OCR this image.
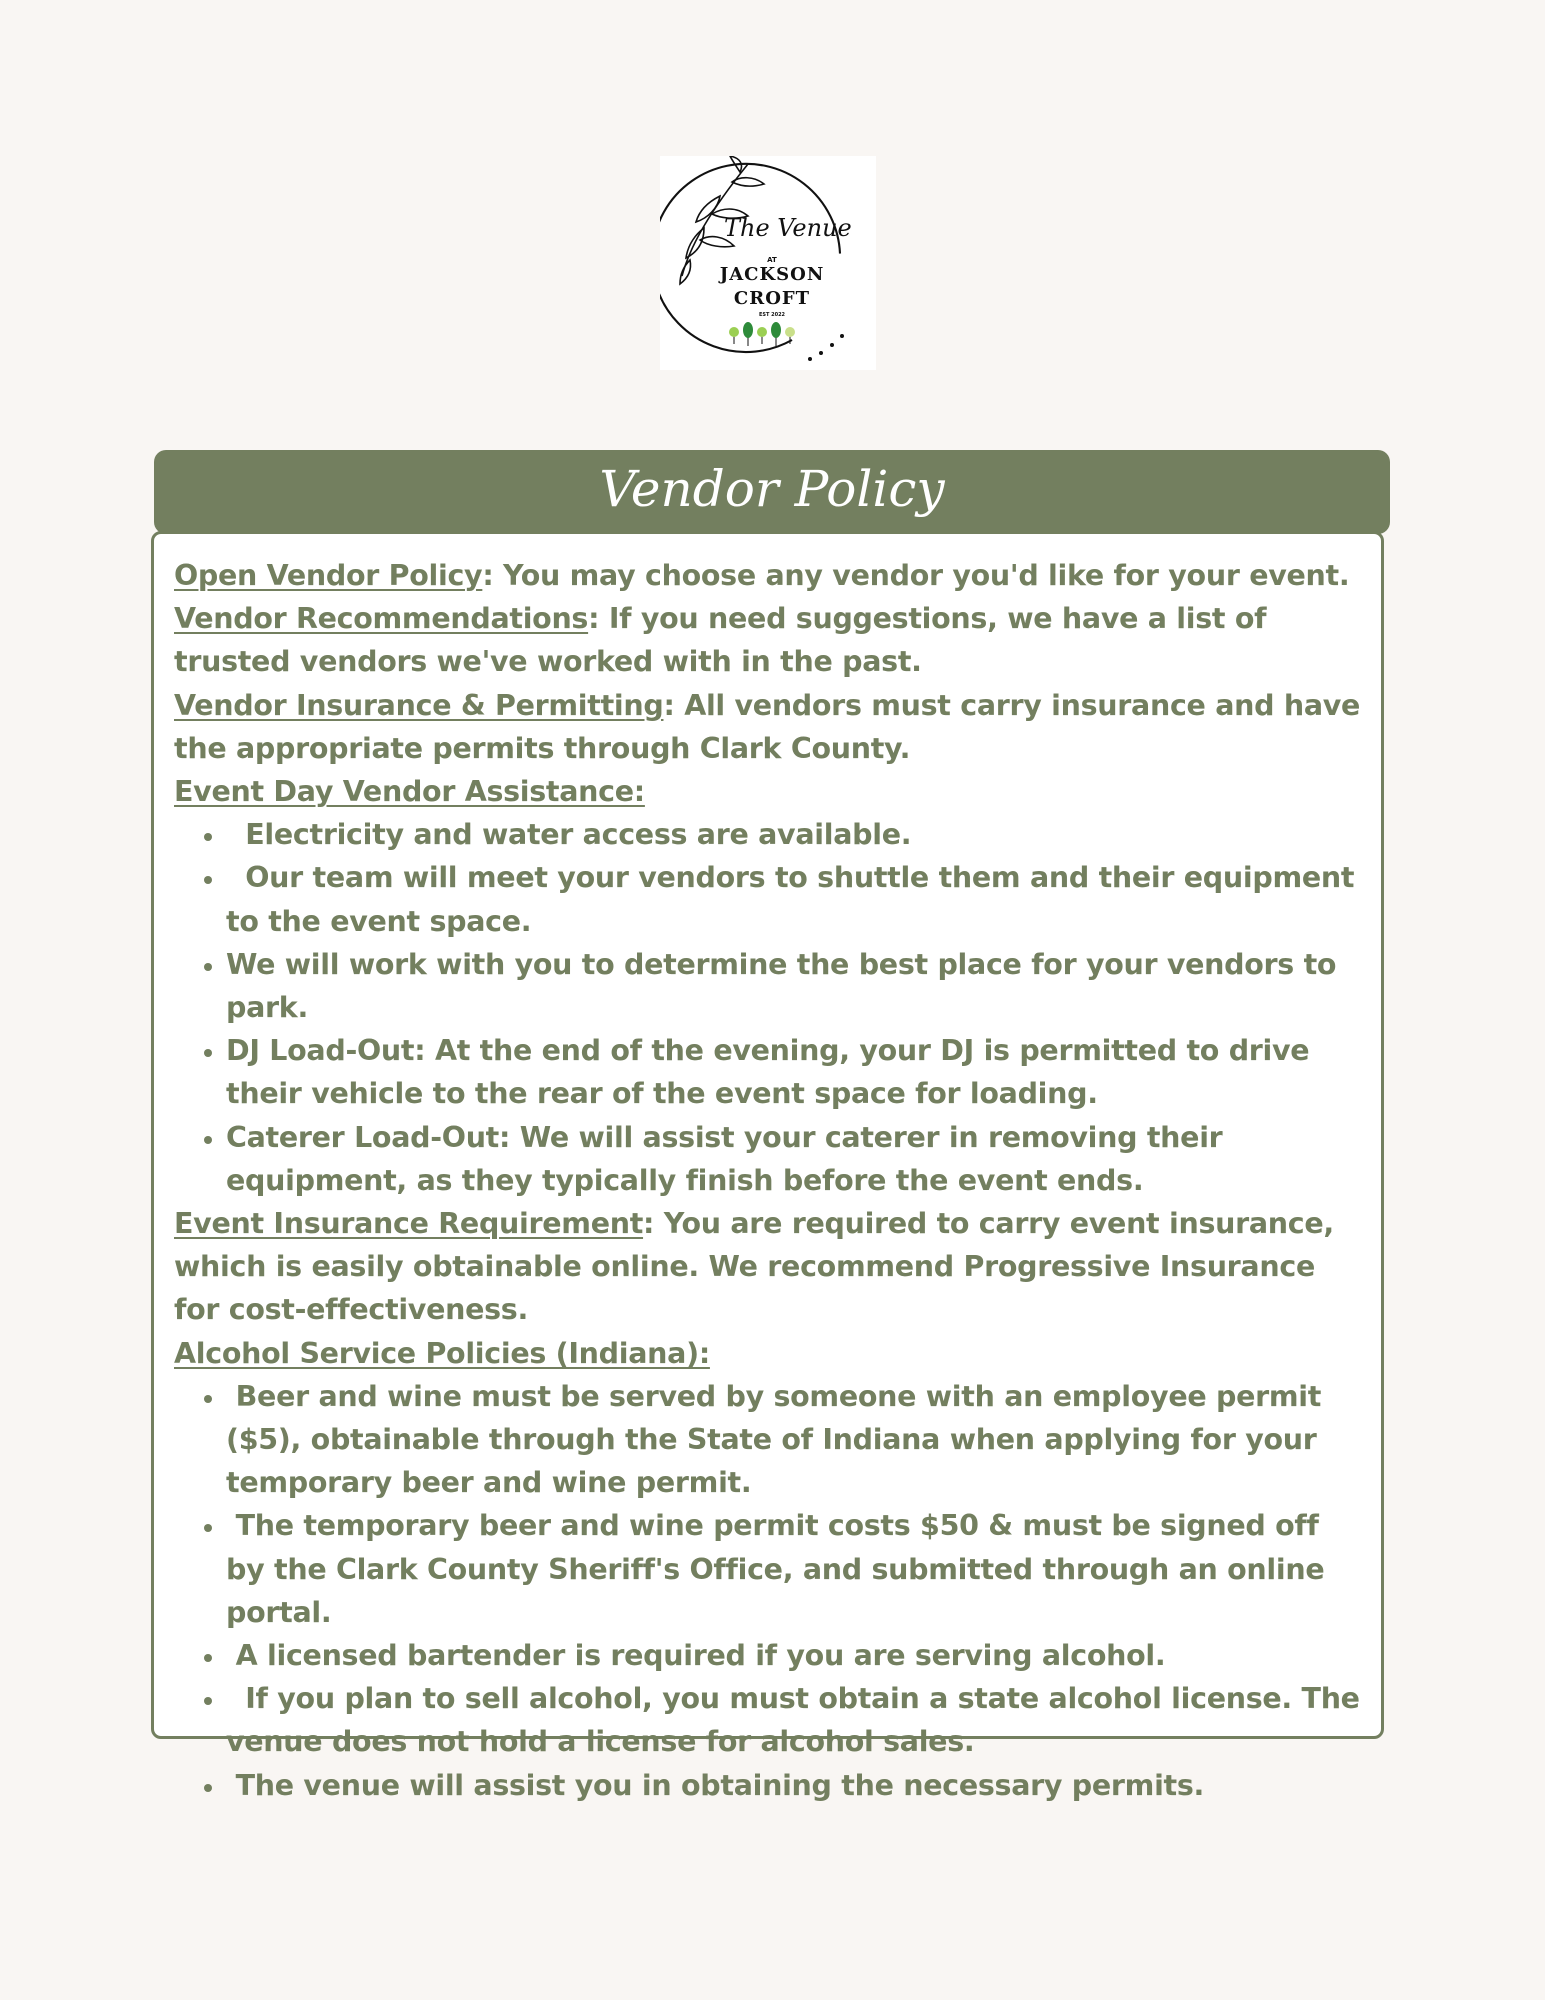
The Venue
AT
JACKSON
CROFT
EST 2022
Vendor Policy

Open Vendor Policy: You may choose any vendor you'd like for your event.

Vendor Recommendations: If you need suggestions, we have a list of trusted vendors we've worked with in the past.

Vendor Insurance & Permitting: All vendors must carry insurance and have the appropriate permits through Clark County.

Event Day Vendor Assistance:

•   Electricity and water access are available.
•   Our team will meet your vendors to shuttle them and their equipment to the event space.
• We will work with you to determine the best place for your vendors to park.
• DJ Load-Out: At the end of the evening, your DJ is permitted to drive their vehicle to the rear of the event space for loading.
• Caterer Load-Out: We will assist your caterer in removing their equipment, as they typically finish before the event ends.

Event Insurance Requirement: You are required to carry event insurance, which is easily obtainable online. We recommend Progressive Insurance for cost-effectiveness.

Alcohol Service Policies (Indiana):

•  Beer and wine must be served by someone with an employee permit ($5), obtainable through the State of Indiana when applying for your temporary beer and wine permit.
•  The temporary beer and wine permit costs $50 & must be signed off by the Clark County Sheriff's Office, and submitted through an online portal.
•  A licensed bartender is required if you are serving alcohol.
•   If you plan to sell alcohol, you must obtain a state alcohol license. The venue does not hold a license for alcohol sales.
•  The venue will assist you in obtaining the necessary permits.
